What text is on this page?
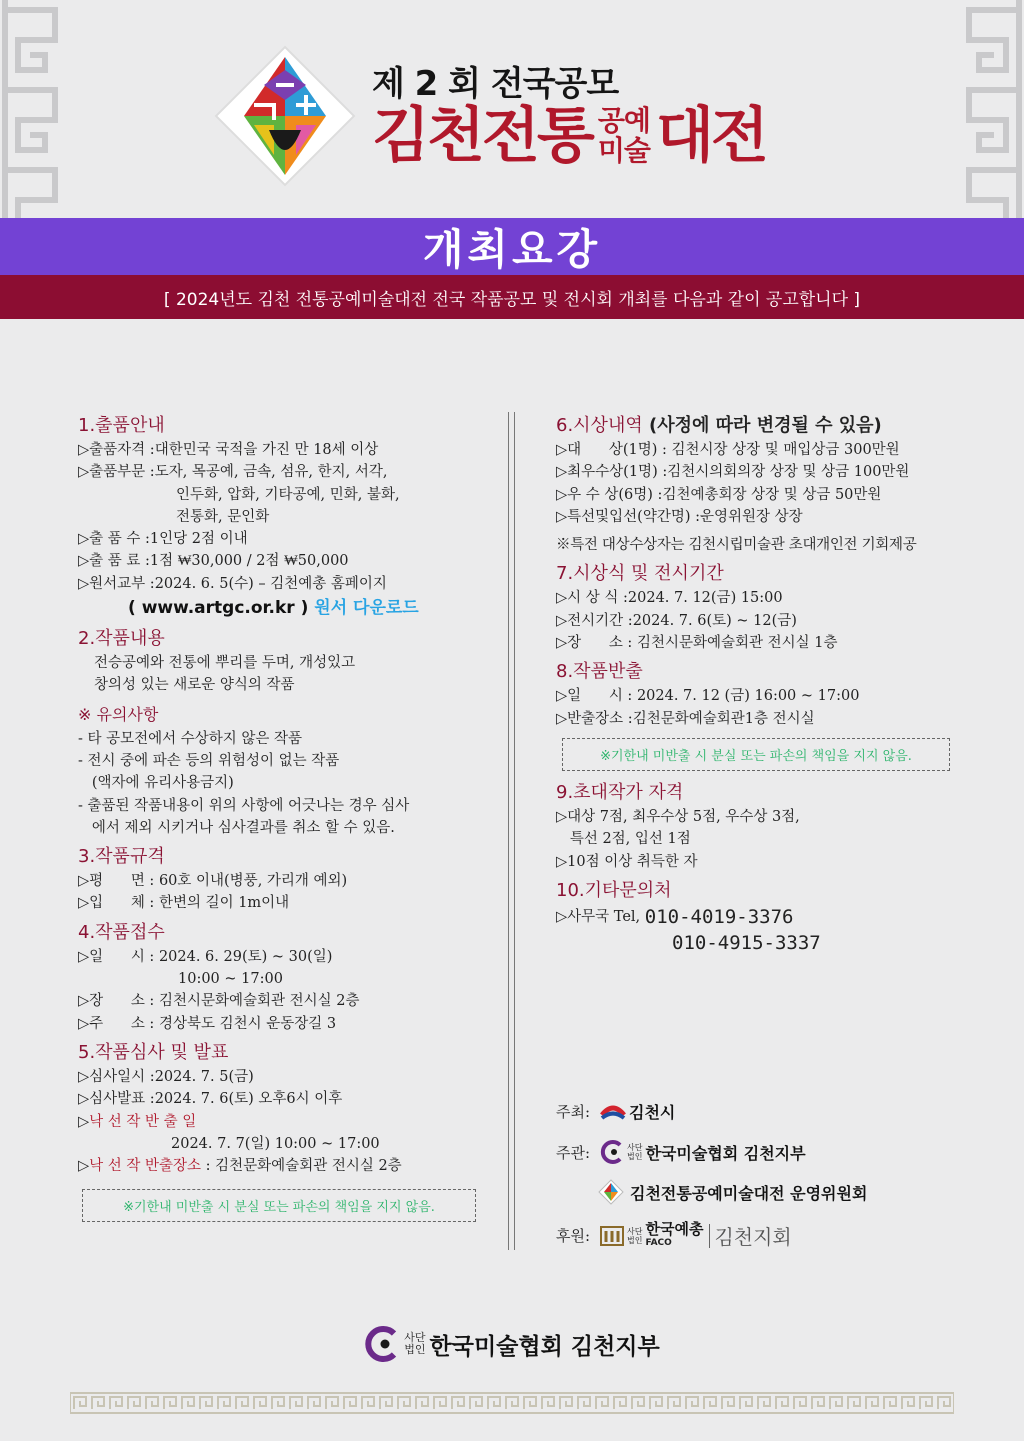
제 2 회 전국공모
김천전통 공예
미술 대전
개최요강
[ 2024년도 김천 전통공예미술대전 전국 작품공모 및 전시회 개최를 다음과 같이 공고합니다 ]
1.출품안내
▷출품자격 : 대한민국 국적을 가진 만 18세 이상
▷출품부문 : 도자, 목공예, 금속, 섬유, 한지, 서각,
인두화, 압화, 기타공예, 민화, 불화,
전통화, 문인화
▷출 품 수 : 1인당 2점 이내
▷출 품 료 : 1점 ₩30,000 / 2점 ₩50,000
▷원서교부 : 2024. 6. 5(수) – 김천예총 홈페이지
( www.artgc.or.kr ) 원서 다운로드
2.작품내용
전승공예와 전통에 뿌리를 두며, 개성있고
창의성 있는 새로운 양식의 작품
※ 유의사항
- 타 공모전에서 수상하지 않은 작품
- 전시 중에 파손 등의 위험성이 없는 작품
(액자에 유리사용금지)
- 출품된 작품내용이 위의 사항에 어긋나는 경우 심사
에서 제외 시키거나 심사결과를 취소 할 수 있음.
3.작품규격
▷평      면 : 60호 이내(병풍, 가리개 예외)
▷입      체 : 한변의 길이 1m이내
4.작품접수
▷일      시 : 2024. 6. 29(토) ~ 30(일)
10:00 ~ 17:00
▷장      소 : 김천시문화예술회관 전시실 2층
▷주      소 : 경상북도 김천시 운동장길 3
5.작품심사 및 발표
▷심사일시 : 2024. 7. 5(금)
▷심사발표 : 2024. 7. 6(토) 오후6시 이후
▷ 낙 선 작 반 출 일
2024. 7. 7(일) 10:00 ~ 17:00
▷ 낙 선 작 반출장소 : 김천문화예술회관 전시실 2층
※기한내 미반출 시 분실 또는 파손의 책임을 지지 않음.
6.시상내역 (사정에 따라 변경될 수 있음)
▷대      상(1명) : 김천시장 상장 및 매입상금 300만원
▷최우수상(1명) : 김천시의회의장 상장 및 상금 100만원
▷우 수 상(6명) : 김천예총회장 상장 및 상금 50만원
▷특선및입선(약간명) : 운영위원장 상장
※특전 대상수상자는 김천시립미술관 초대개인전 기회제공
7.시상식 및 전시기간
▷시 상 식 : 2024. 7. 12(금) 15:00
▷전시기간 : 2024. 7. 6(토) ~ 12(금)
▷장      소 : 김천시문화예술회관 전시실 1층
8.작품반출
▷일      시 : 2024. 7. 12 (금) 16:00 ~ 17:00
▷반출장소 : 김천문화예술회관1층 전시실
※기한내 미반출 시 분실 또는 파손의 책임을 지지 않음.
9.초대작가 자격
▷대상 7점, 최우수상 5점, 우수상 3점,
특선 2점, 입선 1점
▷10점 이상 취득한 자
10.기타문의처
▷사무국 Tel, 010-4019-3376
010-4915-3337
주최:	김천시
주관:	사단
법인 한국미술협회 김천지부
김천전통공예미술대전 운영위원회
후원:	사단
법인
한국예총
FACO	김천지회
사단
법인 한국미술협회 김천지부
